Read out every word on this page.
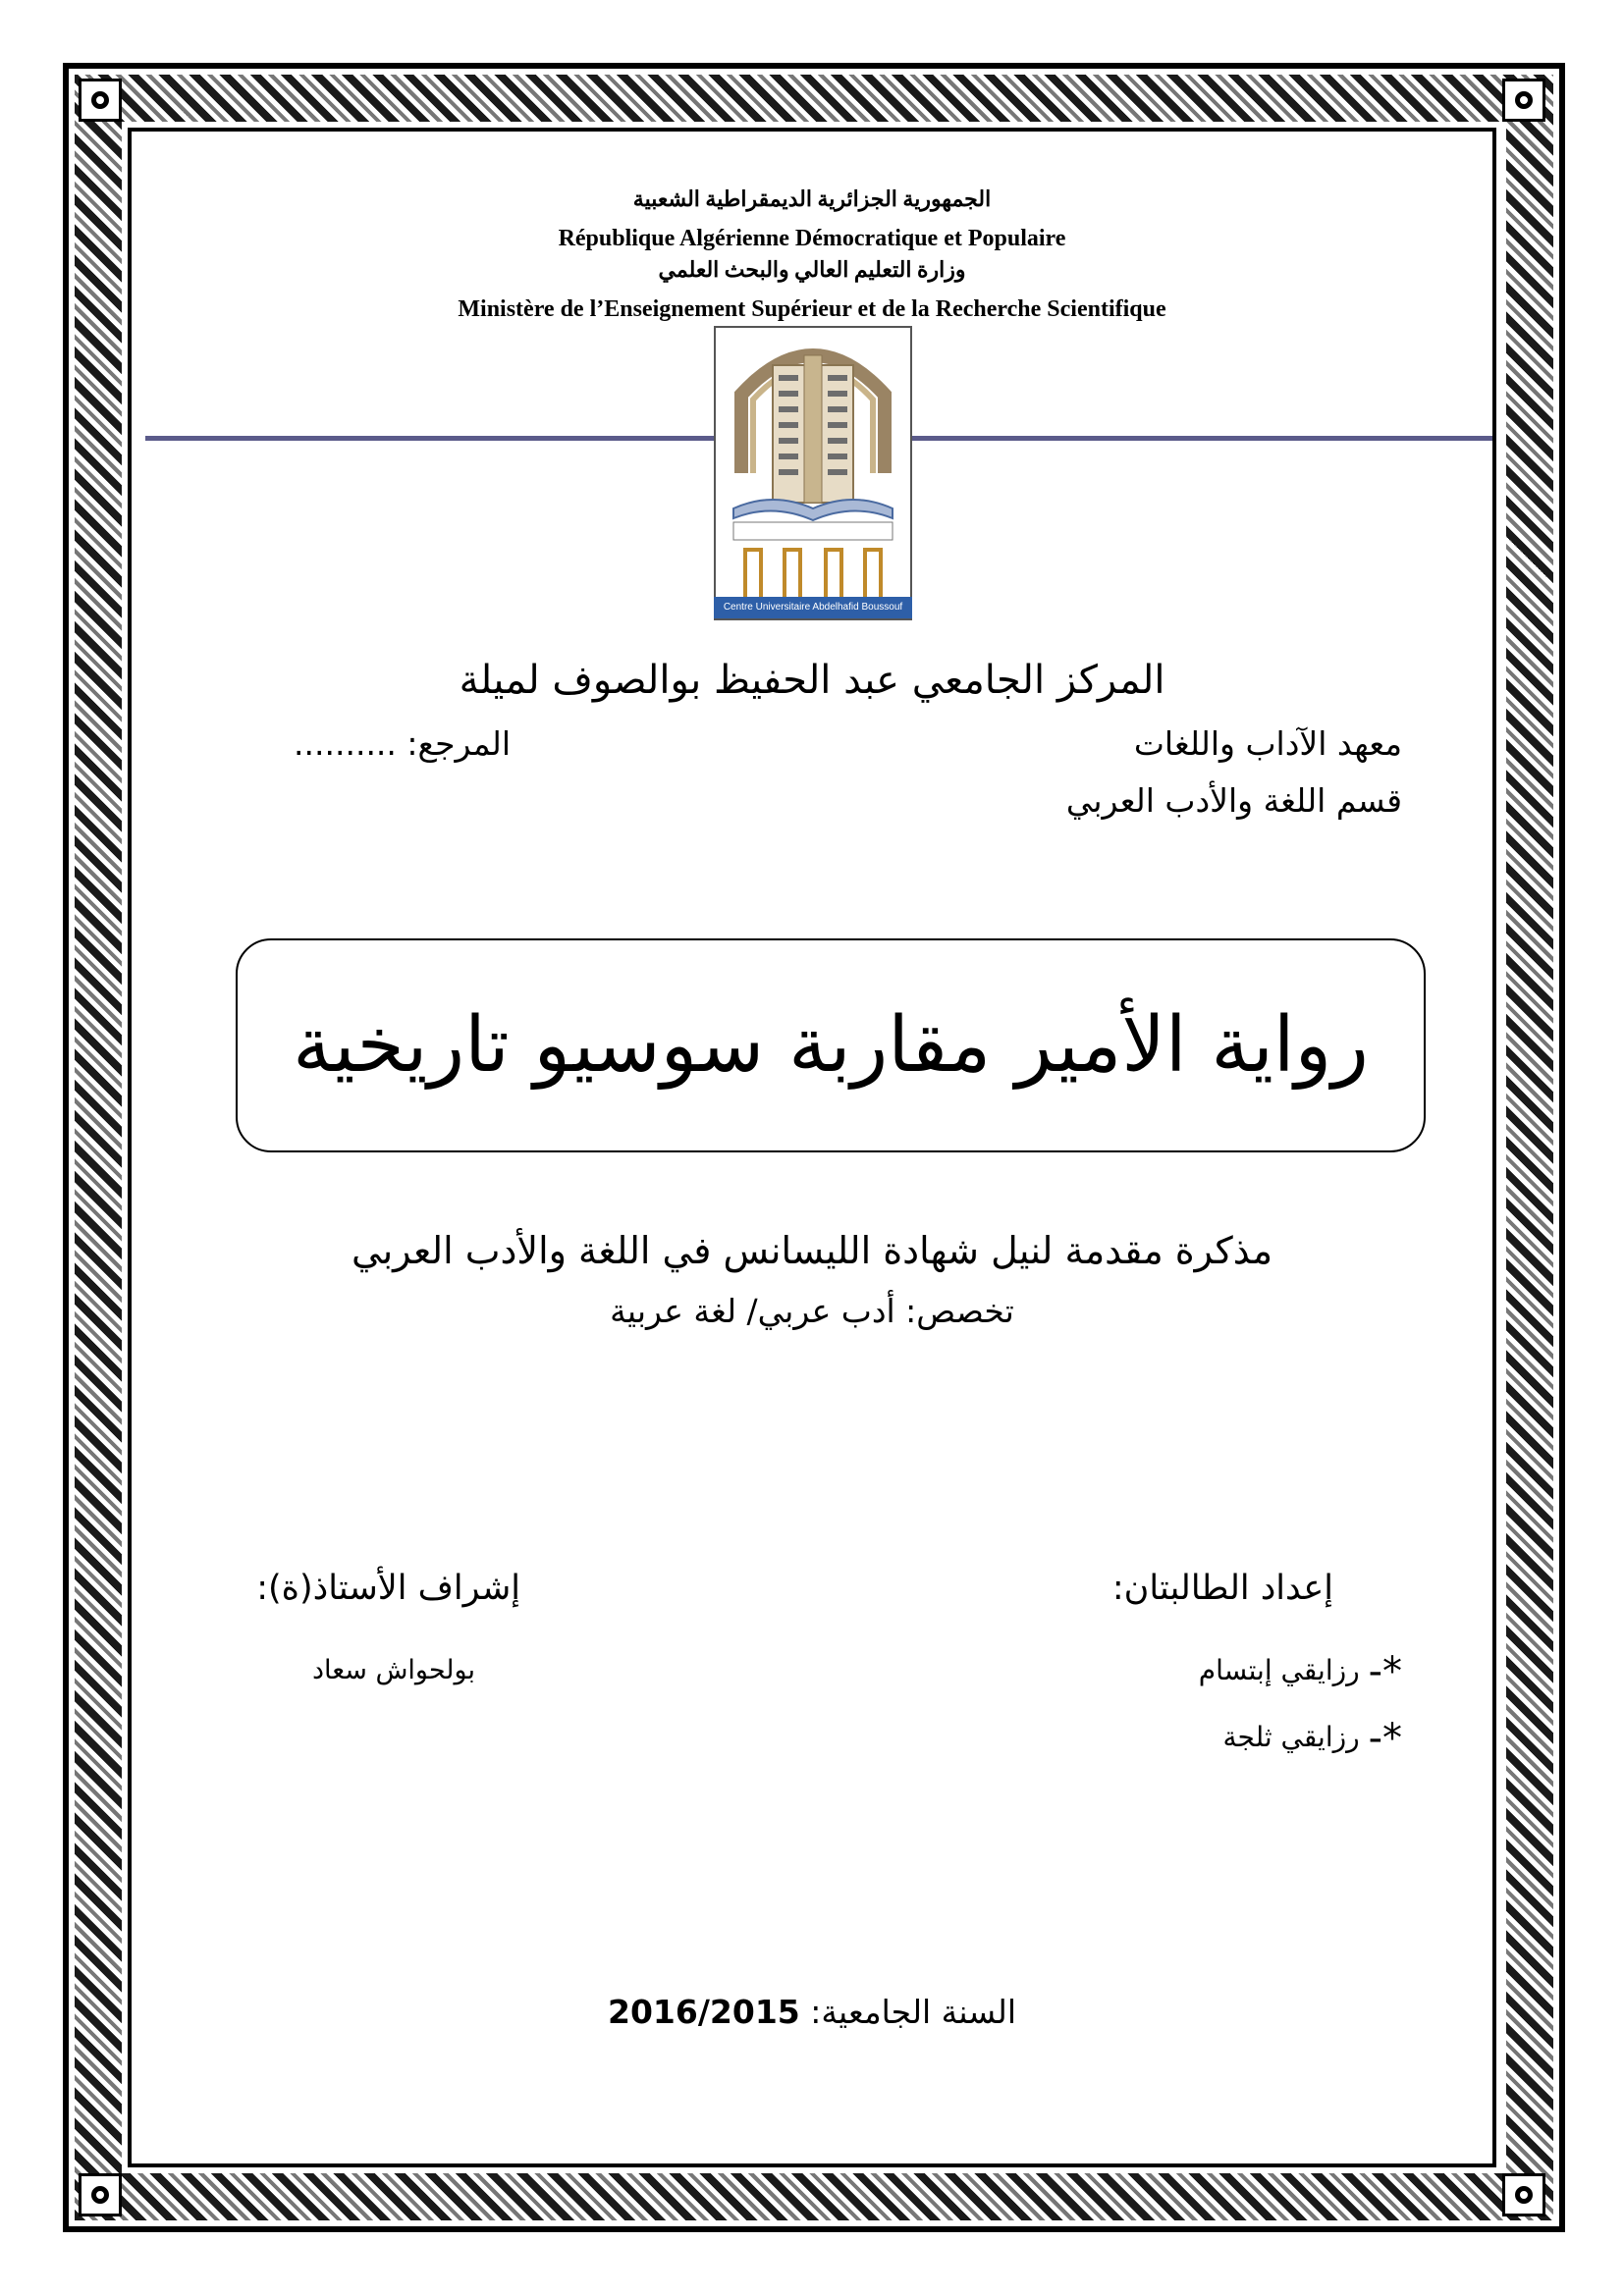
الجمهورية الجزائرية الديمقراطية الشعبية
République Algérienne Démocratique et Populaire
وزارة التعليم العالي والبحث العلمي
Ministère de l’Enseignement Supérieur et de la Recherche Scientifique
Centre Universitaire Abdelhafid Boussouf Mila
المركز الجامعي عبد الحفيظ بوالصوف لميلة
معهد الآداب واللغات
المرجع: ..........
قسم اللغة والأدب العربي
رواية الأمير مقاربة سوسيو تاريخية
مذكرة مقدمة لنيل شهادة الليسانس في اللغة والأدب العربي
تخصص: أدب عربي/ لغة عربية
إعداد الطالبتان:
إشراف الأستاذ(ة):
*- رزايقي إبتسام
*- رزايقي ثلجة
بولحواش سعاد
السنة الجامعية: 2016/2015
